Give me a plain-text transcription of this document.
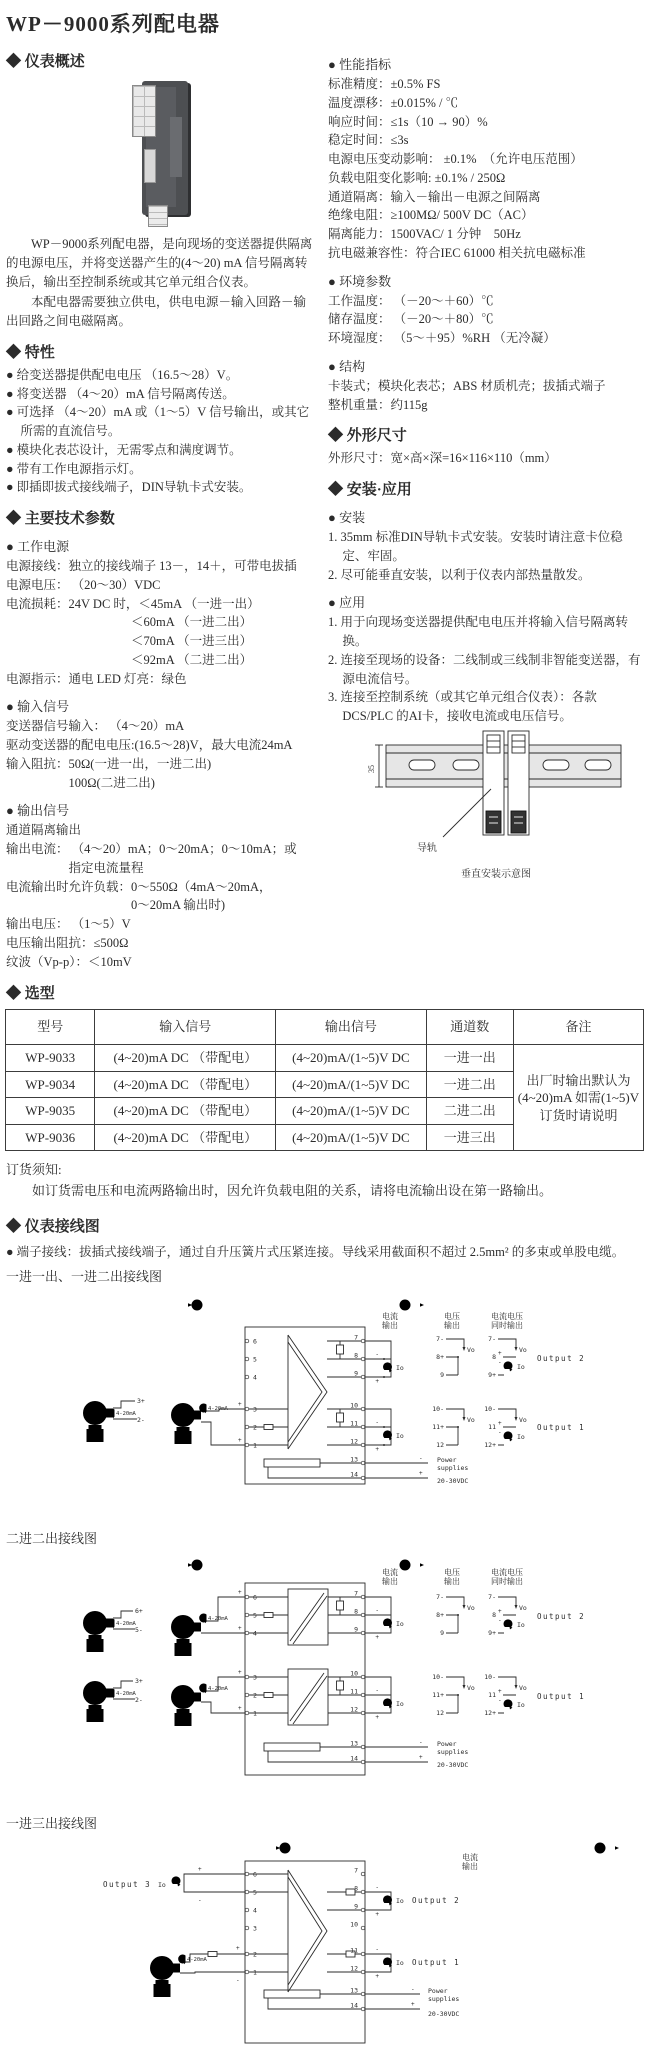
WP－9000系列配电器
◆ 仪表概述
WP－9000系列配电器，是向现场的变送器提供隔离的电源电压，并将变送器产生的(4～20) mA 信号隔离转换后，输出至控制系统或其它单元组合仪表。
本配电器需要独立供电，供电电源－输入回路－输出回路之间电磁隔离。
◆ 特性
● 给变送器提供配电电压 （16.5～28）V。
● 将变送器 （4～20）mA 信号隔离传送。
● 可选择 （4～20）mA 或（1～5）V 信号输出，或其它所需的直流信号。
● 模块化表芯设计，无需零点和满度调节。
● 带有工作电源指示灯。
● 即插即拔式接线端子，DIN导轨卡式安装。
◆ 主要技术参数
● 工作电源
电源接线：独立的接线端子 13－，14＋，可带电拔插
电源电压： （20～30）VDC
电流损耗：24V DC 时，＜45mA （一进一出）
　　　　　　　　　　＜60mA （一进二出）
　　　　　　　　　　＜70mA （一进三出）
　　　　　　　　　　＜92mA （二进二出）
电源指示：通电 LED 灯亮：绿色
● 输入信号
变送器信号输入： （4～20）mA
驱动变送器的配电电压:(16.5～28)V，最大电流24mA
输入阻抗：50Ω(一进一出，一进二出)
　　　　　100Ω(二进二出)
● 输出信号
通道隔离输出
输出电流： （4～20）mA；0～20mA；0～10mA；或
　　　　　指定电流量程
电流输出时允许负载：0～550Ω（4mA～20mA，
　　　　　　　　　　0～20mA 输出时)
输出电压： （1～5）V
电压输出阻抗：≤500Ω
纹波（Vp-p）：＜10mV
● 性能指标
标准精度：±0.5% FS
温度漂移：±0.015% / ℃
响应时间：≤1s（10 → 90）%
稳定时间：≤3s
电源电压变动影响： ±0.1%　（允许电压范围）
负载电阻变化影响: ±0.1% / 250Ω
通道隔离：输入－输出－电源之间隔离
绝缘电阻：≥100MΩ/ 500V DC（AC）
隔离能力：1500VAC/ 1 分钟　50Hz
抗电磁兼容性：符合IEC 61000 相关抗电磁标准
● 环境参数
工作温度： （－20～＋60）℃
储存温度： （－20～＋80）℃
环境湿度： （5～＋95）%RH （无冷凝）
● 结构
卡装式；模块化表芯；ABS 材质机壳；拔插式端子
整机重量：约115g
◆ 外形尺寸
外形尺寸：宽×高×深=16×116×110（mm）
◆ 安装·应用
● 安装
1. 35mm 标准DIN导轨卡式安装。安装时请注意卡位稳定、牢固。
2. 尽可能垂直安装，以利于仪表内部热量散发。
● 应用
1. 用于向现场变送器提供配电电压并将输入信号隔离转换。
2. 连接至现场的设备：二线制或三线制非智能变送器，有源电流信号。
3. 连接至控制系统（或其它单元组合仪表）：各款 DCS/PLC 的AI卡，接收电流或电压信号。
35
导轨
垂直安装示意图
◆ 选型
型号	输入信号	输出信号	通道数	备注
WP-9033	(4~20)mA DC （带配电）	(4~20)mA/(1~5)V DC	一进一出	出厂时输出默认为(4~20)mA 如需(1~5)V订货时请说明
WP-9034	(4~20)mA DC （带配电）	(4~20)mA/(1~5)V DC	一进二出	
WP-9035	(4~20)mA DC （带配电）	(4~20)mA/(1~5)V DC	二进二出	
WP-9036	(4~20)mA DC （带配电）	(4~20)mA/(1~5)V DC	一进三出	
订货须知:
如订货需电压和电流两路输出时，因允许负载电阻的关系，请将电流输出设在第一路输出。
◆ 仪表接线图
● 端子接线：拔插式接线端子，通过自升压簧片式压紧连接。导线采用截面积不超过 2.5mm² 的多束或单股电缆。
一进一出、一进二出接线图
3+
2-
4-20mA
4-20mA
+
+
6
5
4
3
2
1
7
8
9
10
11
12
13
14
电流
输出
电压
输出
电流电压
同时输出
-
+
Io
-
+
Io
7-
Vo
8+
9
10-
Vo
11+
12
7-
Vo
8 +
-
Io
9+
10-
Vo
11 +
-
Io
12+
Output 2
Output 1
-
+
Power
supplies
20-30VDC
二进二出接线图
6+
5-
4-20mA
3+
2-
4-20mA
4-20mA
+
+
4-20mA
+
+
6
5
4
3
2
1
7
8
9
10
11
12
13
14
电流
输出
电压
输出
电流电压
同时输出
-
+
Io
-
+
Io
7-
Vo
8+
9
10-
Vo
11+
12
7-
Vo
8 +
-
Io
9+
10-
Vo
11 +
-
Io
12+
Output 2
Output 1
-
+
Power
supplies
20-30VDC
一进三出接线图
Output 3 Io
+
-
4-20mA
+
-
6
5
4
3
2
1
7
8
9
10
11
12
13
14
电流
输出
-
+
Io Output 2
-
+
Io Output 1
-
+
Power
supplies
20-30VDC
